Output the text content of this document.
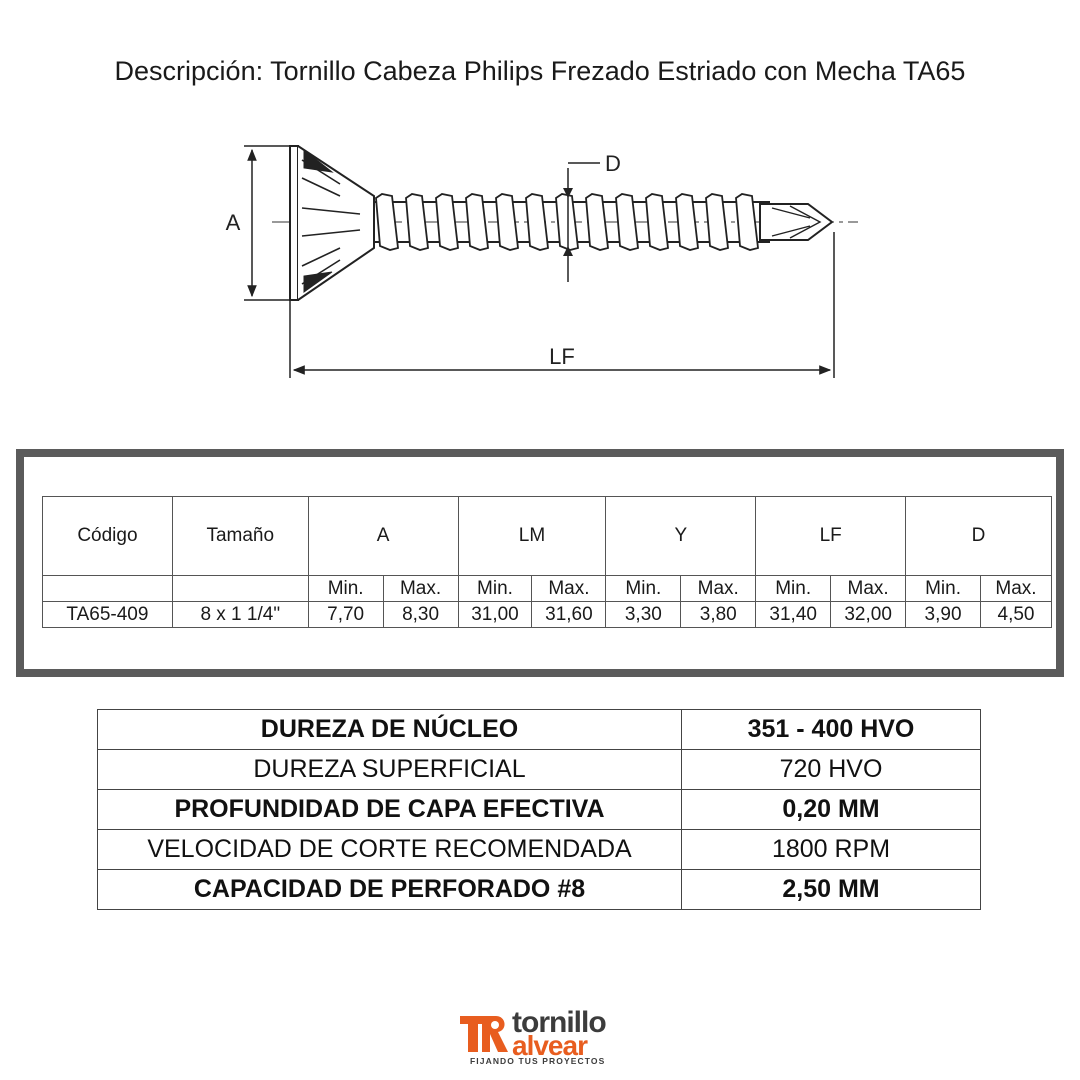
Descripción: Tornillo Cabeza Philips Frezado Estriado con Mecha TA65
A
D
LF
Código	Tamaño	A		LM		Y		LF		D	
		Min.	Max.	Min.	Max.	Min.	Max.	Min.	Max.	Min.	Max.
TA65-409	8 x 1 1/4"	7,70	8,30	31,00	31,60	3,30	3,80	31,40	32,00	3,90	4,50
DUREZA DE NÚCLEO	351 - 400 HVO
DUREZA SUPERFICIAL	720 HVO
PROFUNDIDAD DE CAPA EFECTIVA	0,20 MM
VELOCIDAD DE CORTE RECOMENDADA	1800 RPM
CAPACIDAD DE PERFORADO #8	2,50 MM
tornillo
alvear
FIJANDO TUS PROYECTOS
